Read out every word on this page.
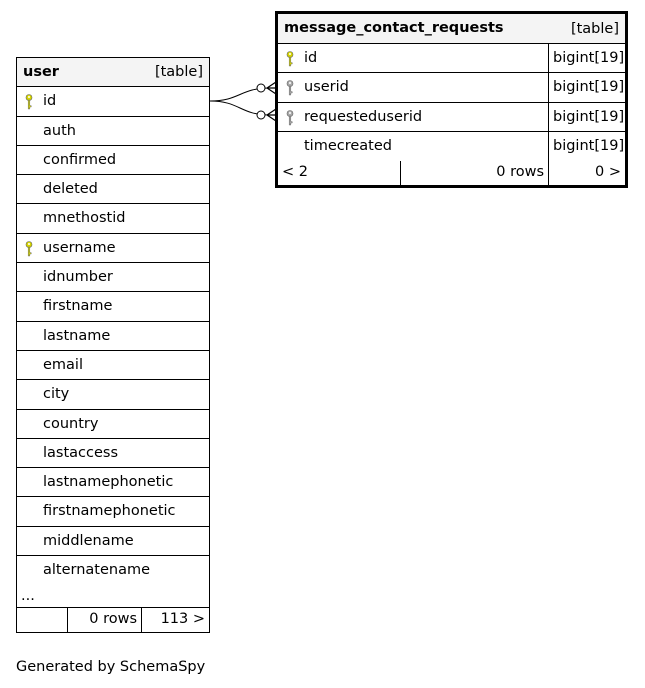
user	[table]
id
auth
confirmed
deleted
mnethostid
username
idnumber
firstname
lastname
email
city
country
lastaccess
lastnamephonetic
firstnamephonetic
middlename
alternatename
...
0 rows	113 >
message_contact_requests	[table]
id	bigint[19]
userid	bigint[19]
requesteduserid	bigint[19]
timecreated	bigint[19]
< 2	0 rows	0 >
Generated by SchemaSpy
